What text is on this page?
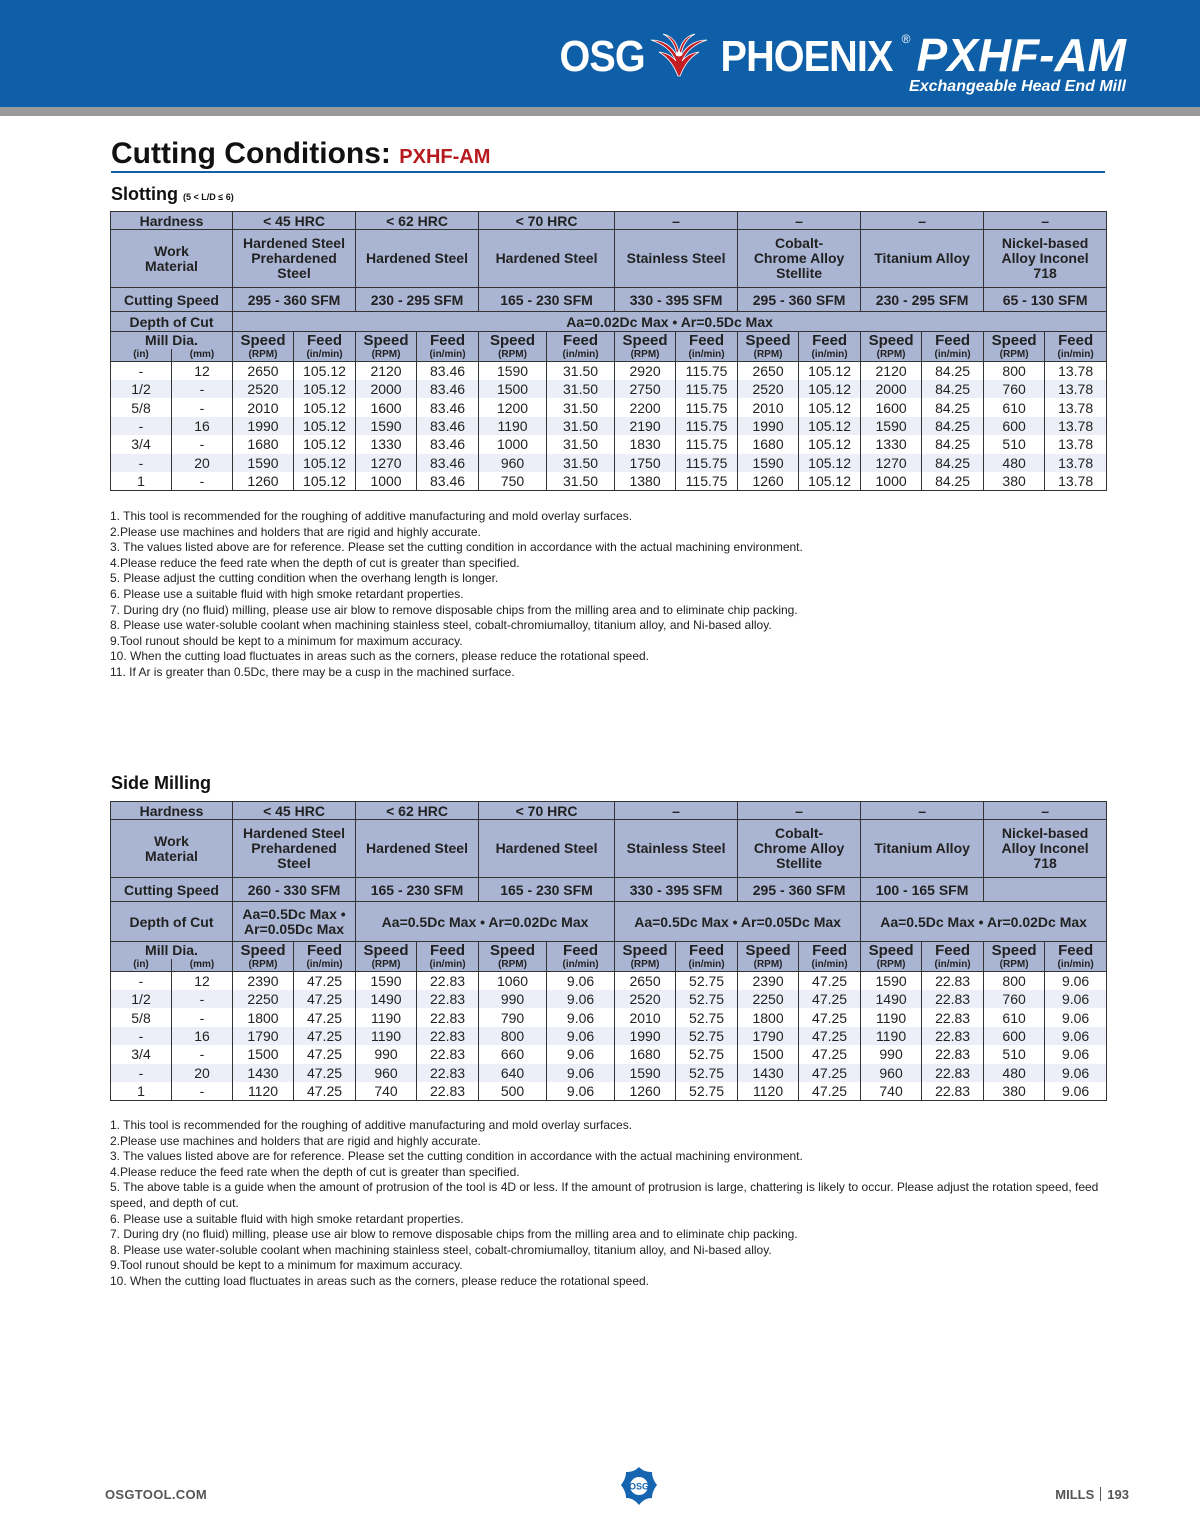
OSG PHOENIX ® PXHF-AM
Exchangeable Head End Mill
Cutting Conditions: PXHF-AM
Slotting (5 < L/D ≤ 6)
Hardness		< 45 HRC		< 62 HRC		< 70 HRC		–		–		–		–	
Work Material		Hardened Steel Prehardened Steel		Hardened Steel		Hardened Steel		Stainless Steel		Cobalt-Chrome Alloy Stellite		Titanium Alloy		Nickel-based Alloy Inconel 718	
Cutting Speed		295 - 360 SFM		230 - 295 SFM		165 - 230 SFM		330 - 395 SFM		295 - 360 SFM		230 - 295 SFM		65 - 130 SFM	
Depth of Cut		Aa=0.02Dc Max • Ar=0.5Dc Max													
Mill Dia.		Speed	Feed	Speed	Feed	Speed	Feed	Speed	Feed	Speed	Feed	Speed	Feed	Speed	Feed
(in)	(mm)	(RPM)	(in/min)	(RPM)	(in/min)	(RPM)	(in/min)	(RPM)	(in/min)	(RPM)	(in/min)	(RPM)	(in/min)	(RPM)	(in/min)
-	12	2650	105.12	2120	83.46	1590	31.50	2920	115.75	2650	105.12	2120	84.25	800	13.78
1/2	-	2520	105.12	2000	83.46	1500	31.50	2750	115.75	2520	105.12	2000	84.25	760	13.78
5/8	-	2010	105.12	1600	83.46	1200	31.50	2200	115.75	2010	105.12	1600	84.25	610	13.78
-	16	1990	105.12	1590	83.46	1190	31.50	2190	115.75	1990	105.12	1590	84.25	600	13.78
3/4	-	1680	105.12	1330	83.46	1000	31.50	1830	115.75	1680	105.12	1330	84.25	510	13.78
-	20	1590	105.12	1270	83.46	960	31.50	1750	115.75	1590	105.12	1270	84.25	480	13.78
1	-	1260	105.12	1000	83.46	750	31.50	1380	115.75	1260	105.12	1000	84.25	380	13.78
1. This tool is recommended for the roughing of additive manufacturing and mold overlay surfaces.
2.Please use machines and holders that are rigid and highly accurate.
3. The values listed above are for reference. Please set the cutting condition in accordance with the actual machining environment.
4.Please reduce the feed rate when the depth of cut is greater than specified.
5. Please adjust the cutting condition when the overhang length is longer.
6. Please use a suitable fluid with high smoke retardant properties.
7. During dry (no fluid) milling, please use air blow to remove disposable chips from the milling area and to eliminate chip packing.
8. Please use water-soluble coolant when machining stainless steel, cobalt-chromiumalloy, titanium alloy, and Ni-based alloy.
9.Tool runout should be kept to a minimum for maximum accuracy.
10. When the cutting load fluctuates in areas such as the corners, please reduce the rotational speed.
11. If Ar is greater than 0.5Dc, there may be a cusp in the machined surface.
Side Milling
Hardness		< 45 HRC		< 62 HRC		< 70 HRC		–		–		–		–	
Work Material		Hardened Steel Prehardened Steel		Hardened Steel		Hardened Steel		Stainless Steel		Cobalt-Chrome Alloy Stellite		Titanium Alloy		Nickel-based Alloy Inconel 718	
Cutting Speed		260 - 330 SFM		165 - 230 SFM		165 - 230 SFM		330 - 395 SFM		295 - 360 SFM		100 - 165 SFM			
Depth of Cut		Aa=0.5Dc Max • Ar=0.05Dc Max		Aa=0.5Dc Max • Ar=0.02Dc Max				Aa=0.5Dc Max • Ar=0.05Dc Max				Aa=0.5Dc Max • Ar=0.02Dc Max			
Mill Dia.		Speed	Feed	Speed	Feed	Speed	Feed	Speed	Feed	Speed	Feed	Speed	Feed	Speed	Feed
(in)	(mm)	(RPM)	(in/min)	(RPM)	(in/min)	(RPM)	(in/min)	(RPM)	(in/min)	(RPM)	(in/min)	(RPM)	(in/min)	(RPM)	(in/min)
-	12	2390	47.25	1590	22.83	1060	9.06	2650	52.75	2390	47.25	1590	22.83	800	9.06
1/2	-	2250	47.25	1490	22.83	990	9.06	2520	52.75	2250	47.25	1490	22.83	760	9.06
5/8	-	1800	47.25	1190	22.83	790	9.06	2010	52.75	1800	47.25	1190	22.83	610	9.06
-	16	1790	47.25	1190	22.83	800	9.06	1990	52.75	1790	47.25	1190	22.83	600	9.06
3/4	-	1500	47.25	990	22.83	660	9.06	1680	52.75	1500	47.25	990	22.83	510	9.06
-	20	1430	47.25	960	22.83	640	9.06	1590	52.75	1430	47.25	960	22.83	480	9.06
1	-	1120	47.25	740	22.83	500	9.06	1260	52.75	1120	47.25	740	22.83	380	9.06
1. This tool is recommended for the roughing of additive manufacturing and mold overlay surfaces.
2.Please use machines and holders that are rigid and highly accurate.
3. The values listed above are for reference. Please set the cutting condition in accordance with the actual machining environment.
4.Please reduce the feed rate when the depth of cut is greater than specified.
5. The above table is a guide when the amount of protrusion of the tool is 4D or less. If the amount of protrusion is large, chattering is likely to occur. Please adjust the rotation speed, feed speed, and depth of cut.
6. Please use a suitable fluid with high smoke retardant properties.
7. During dry (no fluid) milling, please use air blow to remove disposable chips from the milling area and to eliminate chip packing.
8. Please use water-soluble coolant when machining stainless steel, cobalt-chromiumalloy, titanium alloy, and Ni-based alloy.
9.Tool runout should be kept to a minimum for maximum accuracy.
10. When the cutting load fluctuates in areas such as the corners, please reduce the rotational speed.
OSGTOOL.COM
OSG
MILLS 193
